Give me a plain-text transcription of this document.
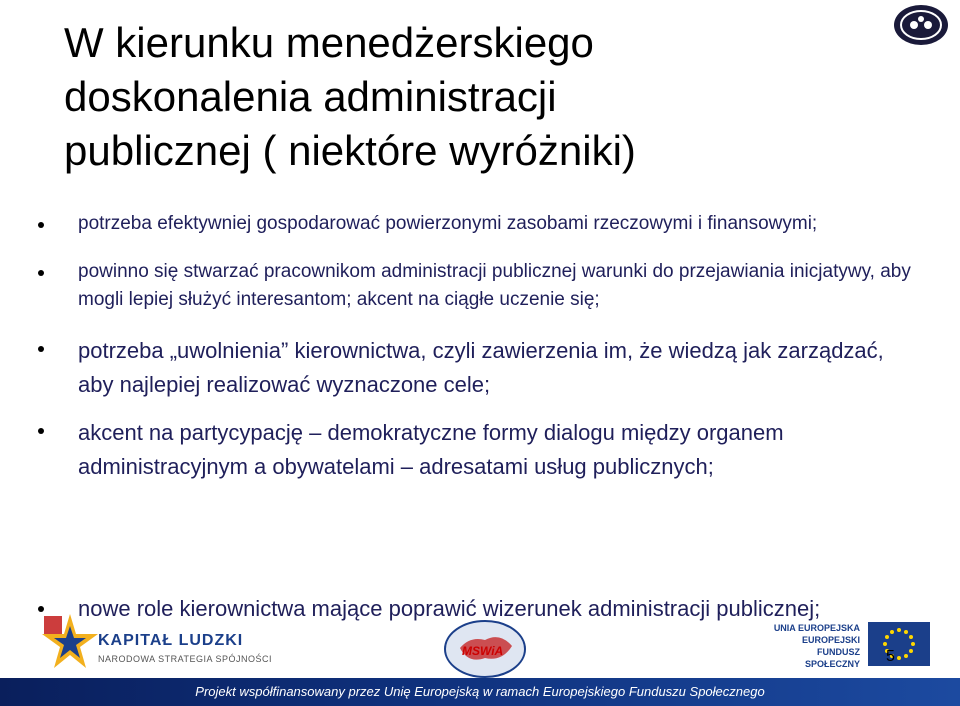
W kierunku menedżerskiego
doskonalenia administracji
publicznej ( niektóre wyróżniki)
potrzeba efektywniej gospodarować powierzonymi zasobami rzeczowymi i finansowymi;
powinno się stwarzać pracownikom administracji publicznej warunki do przejawiania inicjatywy, aby mogli lepiej służyć interesantom; akcent na ciągłe uczenie się;
potrzeba „uwolnienia” kierownictwa, czyli zawierzenia im, że wiedzą jak zarządzać, aby najlepiej realizować wyznaczone cele;
akcent na partycypację – demokratyczne formy dialogu między organem administracyjnym a obywatelami – adresatami usług publicznych;
KAPITAŁ LUDZKI
NARODOWA STRATEGIA SPÓJNOŚCI
MSWiA
UNIA EUROPEJSKA
EUROPEJSKI
FUNDUSZ SPOŁECZNY
Projekt współfinansowany przez Unię Europejską w ramach Europejskiego Funduszu Społecznego
nowe role kierownictwa mające poprawić wizerunek administracji publicznej;
5
